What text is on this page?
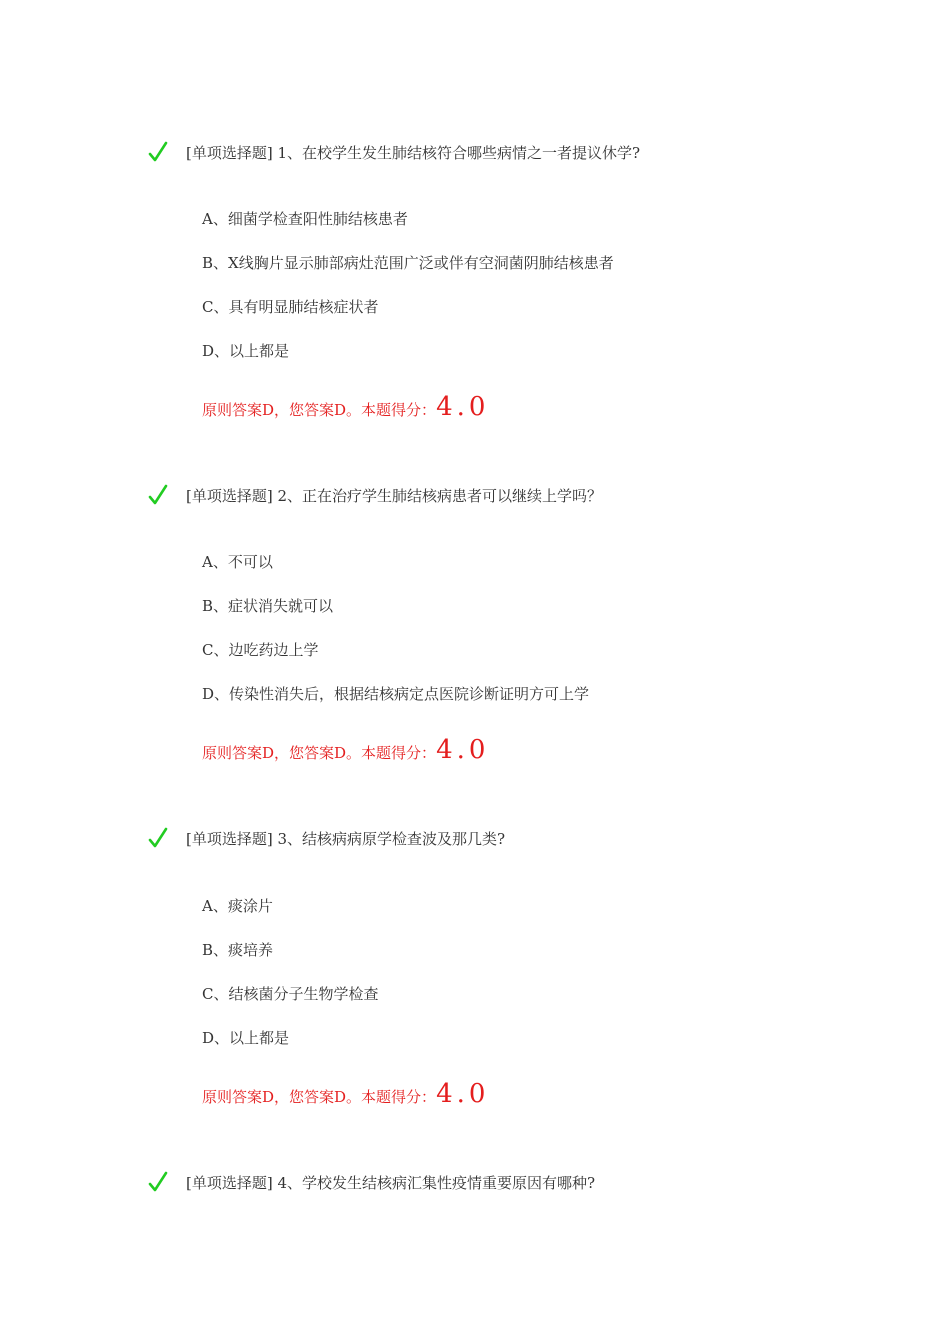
[单项选择题] 1、在校学生发生肺结核符合哪些病情之一者提议休学?
A、细菌学检查阳性肺结核患者
B、X线胸片显示肺部病灶范围广泛或伴有空洞菌阴肺结核患者
C、具有明显肺结核症状者
D、以上都是
原则答案D，您答案D。本题得分：4.0
[单项选择题] 2、正在治疗学生肺结核病患者可以继续上学吗？
A、不可以
B、症状消失就可以
C、边吃药边上学
D、传染性消失后，根据结核病定点医院诊断证明方可上学
原则答案D，您答案D。本题得分：4.0
[单项选择题] 3、结核病病原学检查波及那几类?
A、痰涂片
B、痰培养
C、结核菌分子生物学检查
D、以上都是
原则答案D，您答案D。本题得分：4.0
[单项选择题] 4、学校发生结核病汇集性疫情重要原因有哪种?
